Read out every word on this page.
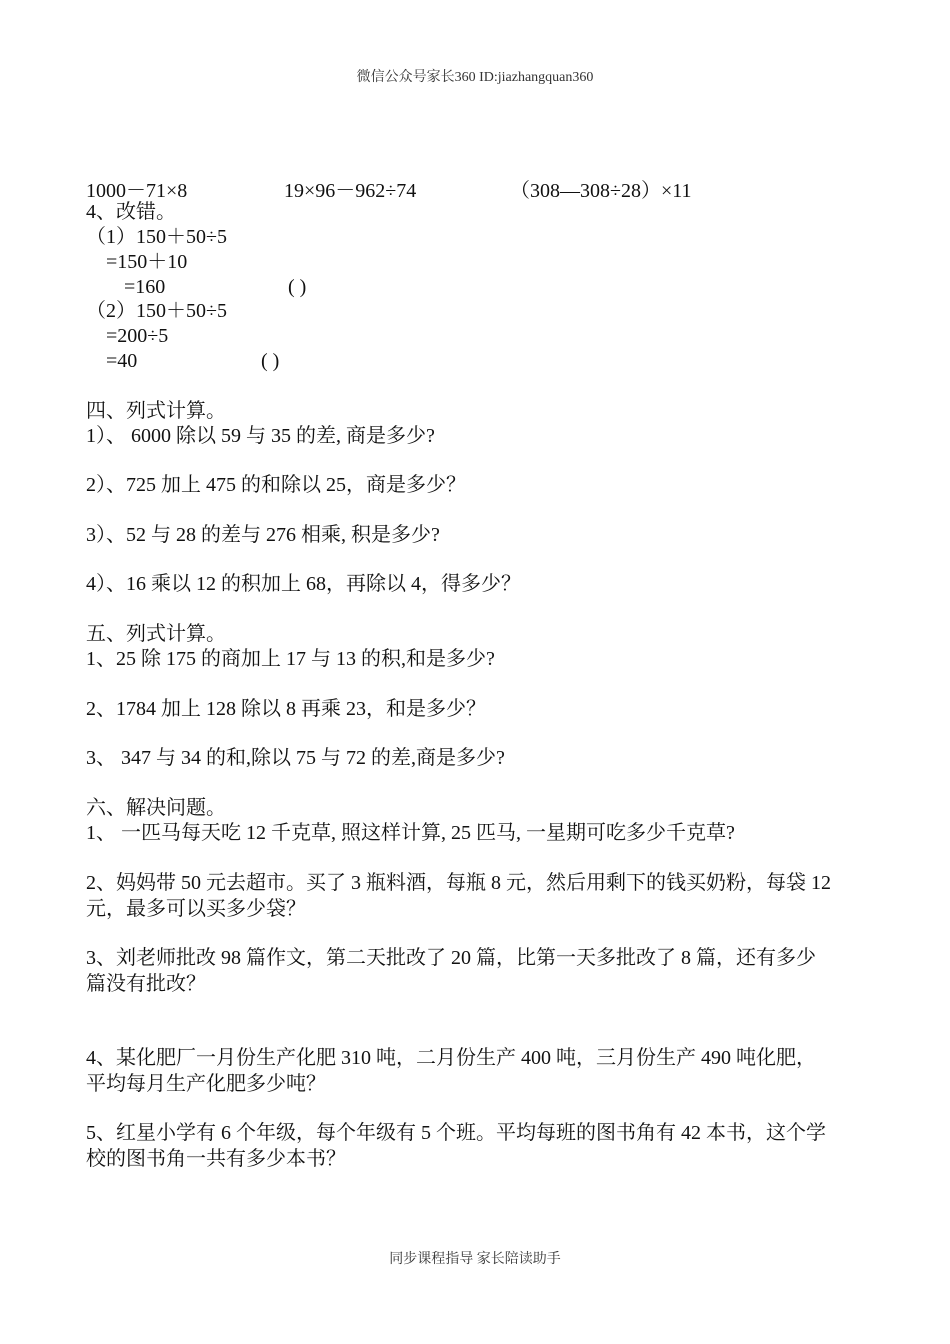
微信公众号家长360 ID:jiazhangquan360
1000－71×8	19×96－962÷74	（308—308÷28）×11
4、改错。
（1）150＋50÷5
=150＋10
=160	( )
（2）150＋50÷5
=200÷5
=40	( )
四、列式计算。
1）、 6000 除以 59 与 35 的差, 商是多少?
2）、725 加上 475 的和除以 25，商是多少？
3）、52 与 28 的差与 276 相乘, 积是多少?
4）、16 乘以 12 的积加上 68，再除以 4，得多少？
五、列式计算。
1、25 除 175 的商加上 17 与 13 的积,和是多少?
2、1784 加上 128 除以 8 再乘 23，和是多少？
3、 347 与 34 的和,除以 75 与 72 的差,商是多少?
六、解决问题。
1、 一匹马每天吃 12 千克草, 照这样计算, 25 匹马, 一星期可吃多少千克草?
2、妈妈带 50 元去超市。买了 3 瓶料酒，每瓶 8 元，然后用剩下的钱买奶粉，每袋 12
元，最多可以买多少袋？
3、刘老师批改 98 篇作文，第二天批改了 20 篇，比第一天多批改了 8 篇，还有多少
篇没有批改？
4、某化肥厂一月份生产化肥 310 吨，二月份生产 400 吨，三月份生产 490 吨化肥，
平均每月生产化肥多少吨？
5、红星小学有 6 个年级，每个年级有 5 个班。平均每班的图书角有 42 本书，这个学
校的图书角一共有多少本书？
同步课程指导 家长陪读助手
